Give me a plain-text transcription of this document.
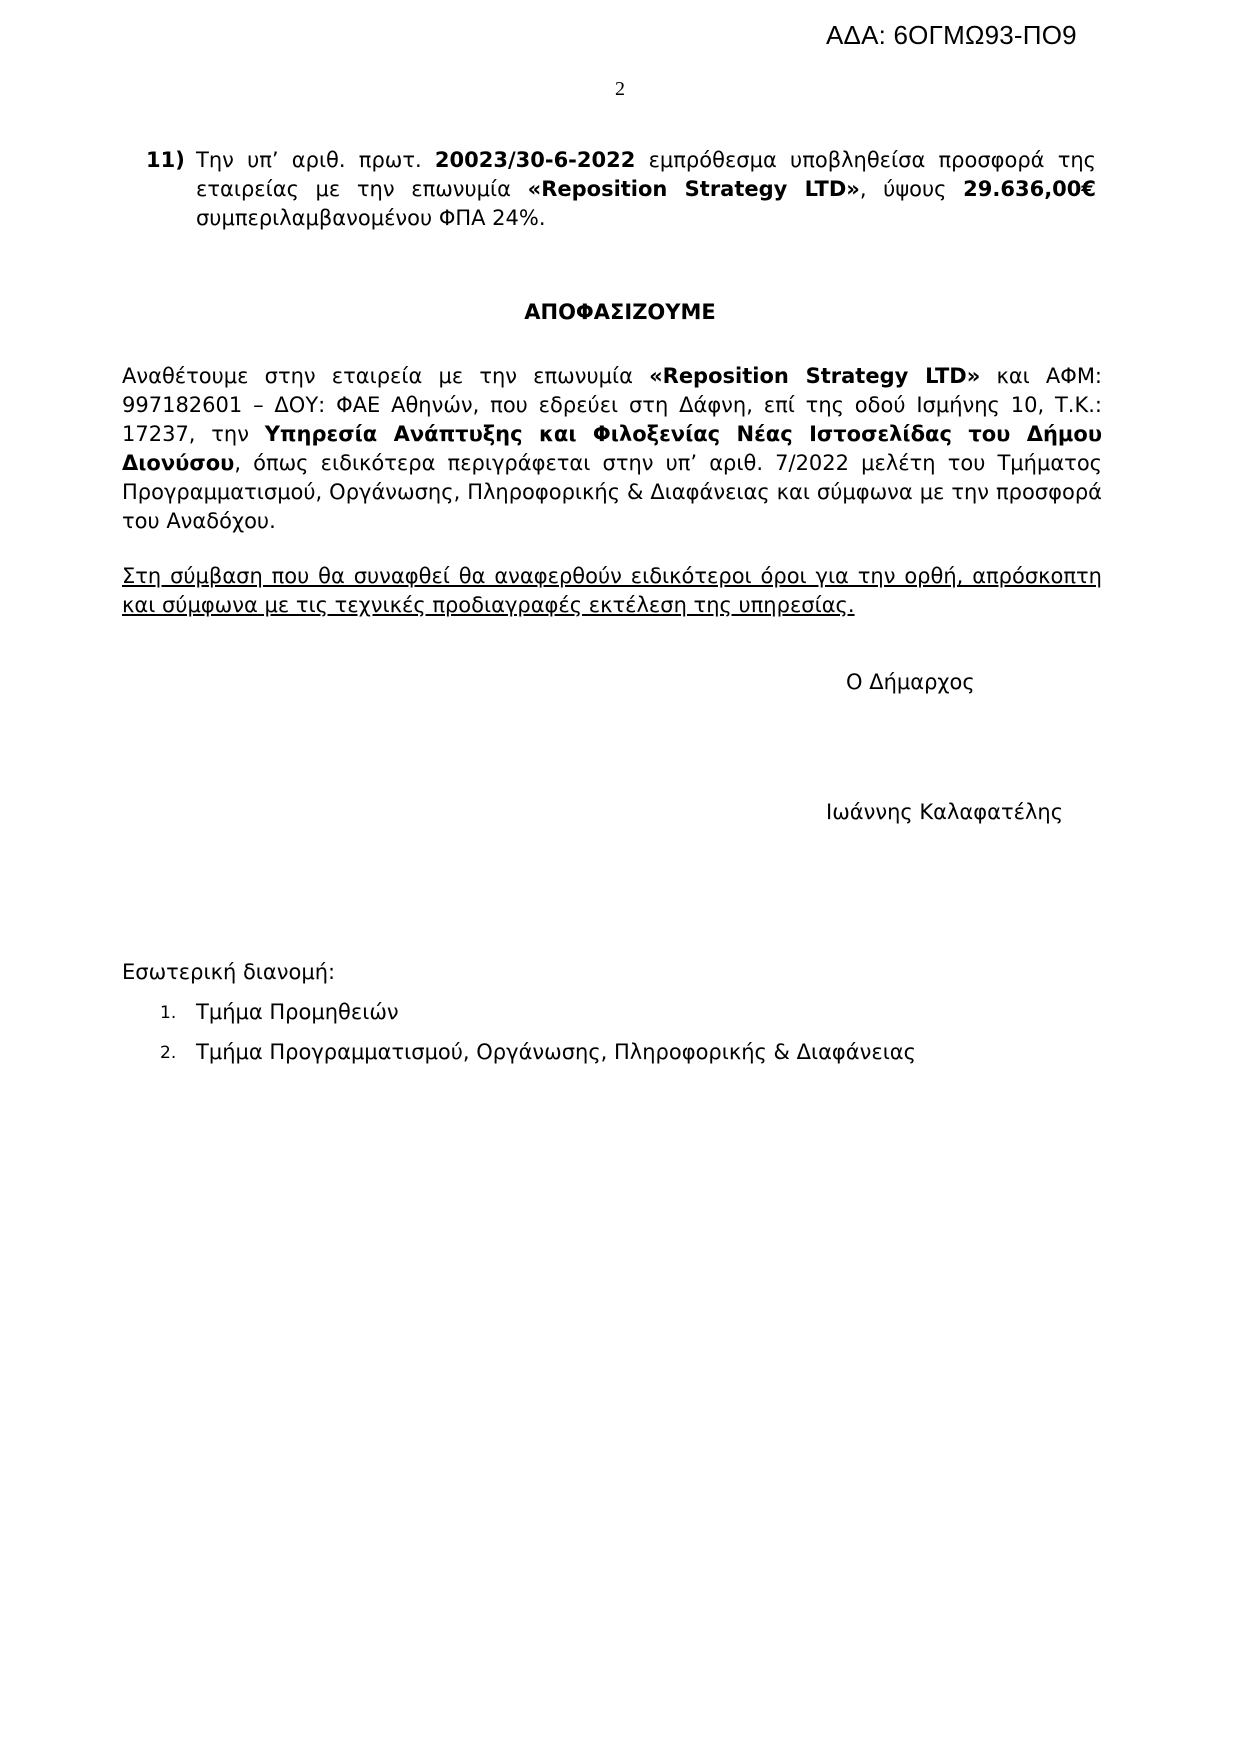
ΑΔΑ: 6ΟΓΜΩ93-ΠΟ9
2
11) Την υπ’ αριθ. πρωτ. 20023/30-6-2022 εμπρόθεσμα υποβληθείσα προσφορά της εταιρείας με την επωνυμία «Reposition Strategy LTD», ύψους 29.636,00€ συμπεριλαμβανομένου ΦΠΑ 24%.
ΑΠΟΦΑΣΙΖΟΥΜΕ
Αναθέτουμε στην εταιρεία με την επωνυμία «Reposition Strategy LTD» και ΑΦΜ: 997182601 – ΔΟΥ: ΦΑΕ Αθηνών, που εδρεύει στη Δάφνη, επί της οδού Ισμήνης 10, Τ.Κ.: 17237, την Υπηρεσία Ανάπτυξης και Φιλοξενίας Νέας Ιστοσελίδας του Δήμου Διονύσου, όπως ειδικότερα περιγράφεται στην υπ’ αριθ. 7/2022 μελέτη του Τμήματος Προγραμματισμού, Οργάνωσης, Πληροφορικής & Διαφάνειας και σύμφωνα με την προσφορά του Αναδόχου.
Στη σύμβαση που θα συναφθεί θα αναφερθούν ειδικότεροι όροι για την ορθή, απρόσκοπτη και σύμφωνα με τις τεχνικές προδιαγραφές εκτέλεση της υπηρεσίας.
Ο Δήμαρχος
Ιωάννης Καλαφατέλης
Εσωτερική διανομή:
1. Τμήμα Προμηθειών
2. Τμήμα Προγραμματισμού, Οργάνωσης, Πληροφορικής & Διαφάνειας
